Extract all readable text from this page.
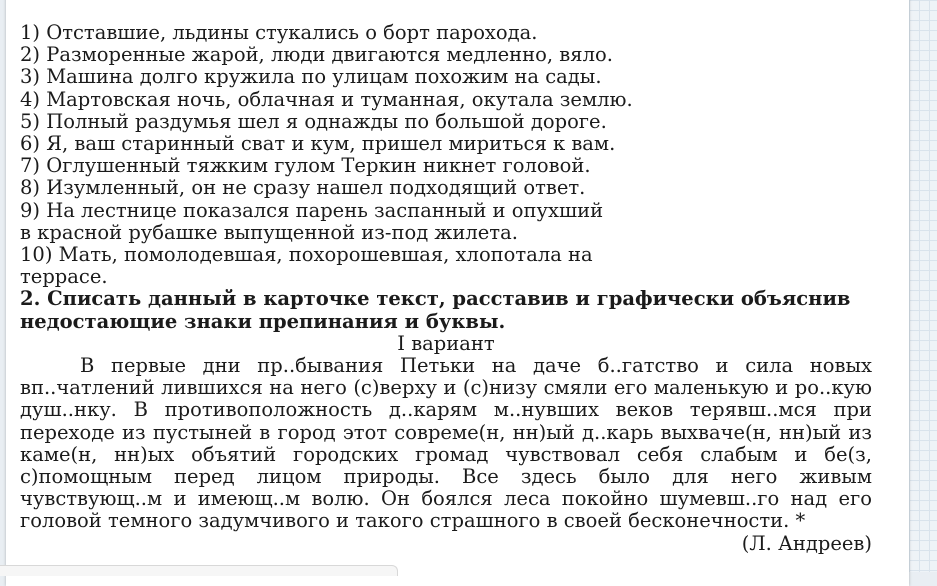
1) Отставшие, льдины стукались о борт парохода.
2) Разморенные жарой, люди двигаются медленно, вяло.
3) Машина долго кружила по улицам похожим на сады.
4) Мартовская ночь, облачная и туманная, окутала землю.
5) Полный раздумья шел я однажды по большой дороге.
6) Я, ваш старинный сват и кум, пришел мириться к вам.
7) Оглушенный тяжким гулом Теркин никнет головой.
8) Изумленный, он не сразу нашел подходящий ответ.
9) На лестнице показался парень заспанный и опухший
в красной рубашке выпущенной из-под жилета.
10) Мать, помолодевшая, похорошевшая, хлопотала на
террасе.
2. Списать данный в карточке текст, расставив и графически объяснив недостающие знаки препинания и буквы.
I вариант
В первые дни пр..бывания Петьки на даче б..гатство и сила новых вп..чатлений лившихся на него (с)верху и (с)низу смяли его маленькую и ро..кую душ..нку. В противоположность д..карям м..нувших веков терявш..мся при переходе из пустыней в город этот совреме(н, нн)ый д..карь выхваче(н, нн)ый из каме(н, нн)ых объятий городских громад чувствовал себя слабым и бе(з, с)помощным перед лицом природы. Все здесь было для него живым чувствующ..м и имеющ..м волю. Он боялся леса покойно шумевш..го над его головой темного задумчивого и такого страшного в своей бесконечности. *
(Л. Андреев)
